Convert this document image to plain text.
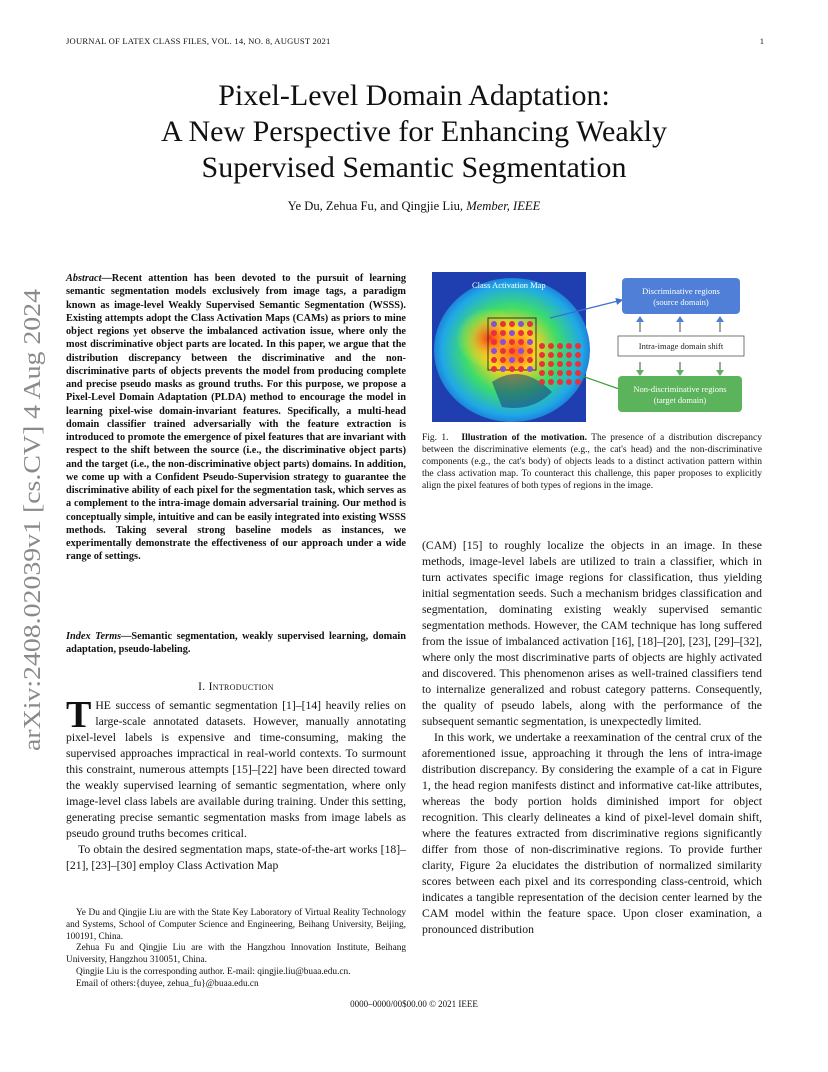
JOURNAL OF LATEX CLASS FILES, VOL. 14, NO. 8, AUGUST 2021	1
arXiv:2408.02039v1 [cs.CV] 4 Aug 2024
Pixel-Level Domain Adaptation:
A New Perspective for Enhancing Weakly
Supervised Semantic Segmentation
Ye Du, Zehua Fu, and Qingjie Liu, Member, IEEE
Abstract—Recent attention has been devoted to the pursuit of learning semantic segmentation models exclusively from image tags, a paradigm known as image-level Weakly Supervised Semantic Segmentation (WSSS). Existing attempts adopt the Class Activation Maps (CAMs) as priors to mine object regions yet observe the imbalanced activation issue, where only the most discriminative object parts are located. In this paper, we argue that the distribution discrepancy between the discriminative and the non-discriminative parts of objects prevents the model from producing complete and precise pseudo masks as ground truths. For this purpose, we propose a Pixel-Level Domain Adaptation (PLDA) method to encourage the model in learning pixel-wise domain-invariant features. Specifically, a multi-head domain classifier trained adversarially with the feature extraction is introduced to promote the emergence of pixel features that are invariant with respect to the shift between the source (i.e., the discriminative object parts) and the target (i.e., the non-discriminative object parts) domains. In addition, we come up with a Confident Pseudo-Supervision strategy to guarantee the discriminative ability of each pixel for the segmentation task, which serves as a complement to the intra-image domain adversarial training. Our method is conceptually simple, intuitive and can be easily integrated into existing WSSS methods. Taking several strong baseline models as instances, we experimentally demonstrate the effectiveness of our approach under a wide range of settings.
Index Terms—Semantic segmentation, weakly supervised learning, domain adaptation, pseudo-labeling.
I. Introduction

THE success of semantic segmentation [1]–[14] heavily relies on large-scale annotated datasets. However, manually annotating pixel-level labels is expensive and time-consuming, making the supervised approaches impractical in real-world contexts. To surmount this constraint, numerous attempts [15]–[22] have been directed toward the weakly supervised learning of semantic segmentation, where only image-level class labels are available during training. Under this setting, generating precise semantic segmentation masks from image labels as pseudo ground truths becomes critical.

To obtain the desired segmentation maps, state-of-the-art works [18]–[21], [23]–[30] employ Class Activation Map

Ye Du and Qingjie Liu are with the State Key Laboratory of Virtual Reality Technology and Systems, School of Computer Science and Engineering, Beihang University, Beijing, 100191, China.

Zehua Fu and Qingjie Liu are with the Hangzhou Innovation Institute, Beihang University, Hangzhou 310051, China.

Qingjie Liu is the corresponding author. E-mail: qingjie.liu@buaa.edu.cn.

Email of others:{duyee, zehua_fu}@buaa.edu.cn

Class Activation Map
Discriminative regions
(source domain)
Intra-image domain shift
Non-discriminative regions
(target domain)
Fig. 1. Illustration of the motivation. The presence of a distribution discrepancy between the discriminative elements (e.g., the cat's head) and the non-discriminative components (e.g., the cat's body) of objects leads to a distinct activation pattern within the class activation map. To counteract this challenge, this paper proposes to explicitly align the pixel features of both types of regions in the image.

(CAM) [15] to roughly localize the objects in an image. In these methods, image-level labels are utilized to train a classifier, which in turn activates specific image regions for classification, thus yielding initial segmentation seeds. Such a mechanism bridges classification and segmentation, dominating existing weakly supervised semantic segmentation methods. However, the CAM technique has long suffered from the issue of imbalanced activation [16], [18]–[20], [23], [29]–[32], where only the most discriminative parts of objects are highly activated and discovered. This phenomenon arises as well-trained classifiers tend to internalize generalized and robust category patterns. Consequently, the quality of pseudo labels, along with the performance of the subsequent semantic segmentation, is unexpectedly limited.

In this work, we undertake a reexamination of the central crux of the aforementioned issue, approaching it through the lens of intra-image distribution discrepancy. By considering the example of a cat in Figure 1, the head region manifests distinct and informative cat-like attributes, whereas the body portion holds diminished import for object recognition. This clearly delineates a kind of pixel-level domain shift, where the features extracted from discriminative regions significantly differ from those of non-discriminative regions. To provide further clarity, Figure 2a elucidates the distribution of normalized similarity scores between each pixel and its corresponding class-centroid, which indicates a tangible representation of the decision center learned by the CAM model within the feature space. Upon closer examination, a pronounced distribution

0000–0000/00$00.00 © 2021 IEEE
